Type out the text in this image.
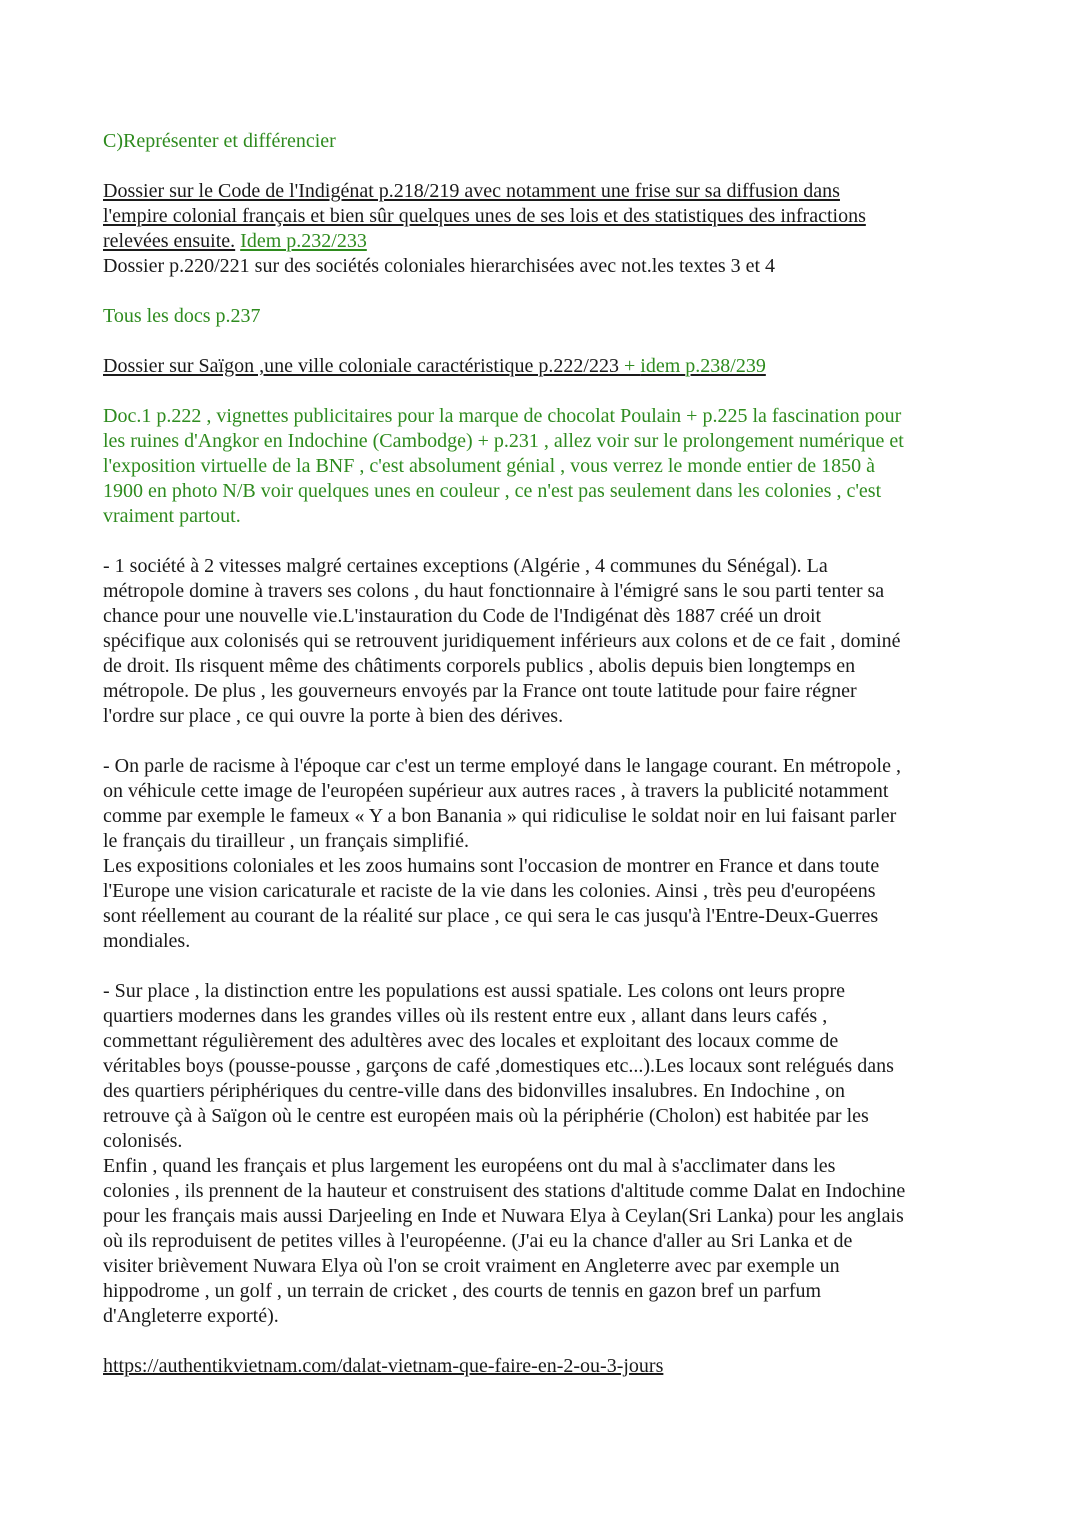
C)Représenter et différencier
Dossier sur le Code de l'Indigénat p.218/219 avec notamment une frise sur sa diffusion dans
l'empire colonial français et bien sûr quelques unes de ses lois et des statistiques des infractions
relevées ensuite. Idem p.232/233
Dossier p.220/221 sur des sociétés coloniales hierarchisées avec not.les textes 3 et 4
Tous les docs p.237
Dossier sur Saïgon ,une ville coloniale caractéristique p.222/223 + idem p.238/239
Doc.1 p.222 , vignettes publicitaires pour la marque de chocolat Poulain + p.225 la fascination pour
les ruines d'Angkor en Indochine (Cambodge) + p.231 , allez voir sur le prolongement numérique et
l'exposition virtuelle de la BNF , c'est absolument génial , vous verrez le monde entier de 1850 à
1900 en photo N/B voir quelques unes en couleur , ce n'est pas seulement dans les colonies , c'est
vraiment partout.
- 1 société à 2 vitesses malgré certaines exceptions (Algérie , 4 communes du Sénégal). La
métropole domine à travers ses colons , du haut fonctionnaire à l'émigré sans le sou parti tenter sa
chance pour une nouvelle vie.L'instauration du Code de l'Indigénat dès 1887 créé un droit
spécifique aux colonisés qui se retrouvent juridiquement inférieurs aux colons et de ce fait , dominé
de droit. Ils risquent même des châtiments corporels publics , abolis depuis bien longtemps en
métropole. De plus , les gouverneurs envoyés par la France ont toute latitude pour faire régner
l'ordre sur place , ce qui ouvre la porte à bien des dérives.
- On parle de racisme à l'époque car c'est un terme employé dans le langage courant. En métropole ,
on véhicule cette image de l'européen supérieur aux autres races , à travers la publicité notamment
comme par exemple le fameux « Y a bon Banania » qui ridiculise le soldat noir en lui faisant parler
le français du tirailleur , un français simplifié.
Les expositions coloniales et les zoos humains sont l'occasion de montrer en France et dans toute
l'Europe une vision caricaturale et raciste de la vie dans les colonies. Ainsi , très peu d'européens
sont réellement au courant de la réalité sur place , ce qui sera le cas jusqu'à l'Entre-Deux-Guerres
mondiales.
- Sur place , la distinction entre les populations est aussi spatiale. Les colons ont leurs propre
quartiers modernes dans les grandes villes où ils restent entre eux , allant dans leurs cafés ,
commettant régulièrement des adultères avec des locales et exploitant des locaux comme de
véritables boys (pousse-pousse , garçons de café ,domestiques etc...).Les locaux sont relégués dans
des quartiers périphériques du centre-ville dans des bidonvilles insalubres. En Indochine , on
retrouve çà à Saïgon où le centre est européen mais où la périphérie (Cholon) est habitée par les
colonisés.
Enfin , quand les français et plus largement les européens ont du mal à s'acclimater dans les
colonies , ils prennent de la hauteur et construisent des stations d'altitude comme Dalat en Indochine
pour les français mais aussi Darjeeling en Inde et Nuwara Elya à Ceylan(Sri Lanka) pour les anglais
où ils reproduisent de petites villes à l'européenne. (J'ai eu la chance d'aller au Sri Lanka et de
visiter brièvement Nuwara Elya où l'on se croit vraiment en Angleterre avec par exemple un
hippodrome , un golf , un terrain de cricket , des courts de tennis en gazon bref un parfum
d'Angleterre exporté).
https://authentikvietnam.com/dalat-vietnam-que-faire-en-2-ou-3-jours
